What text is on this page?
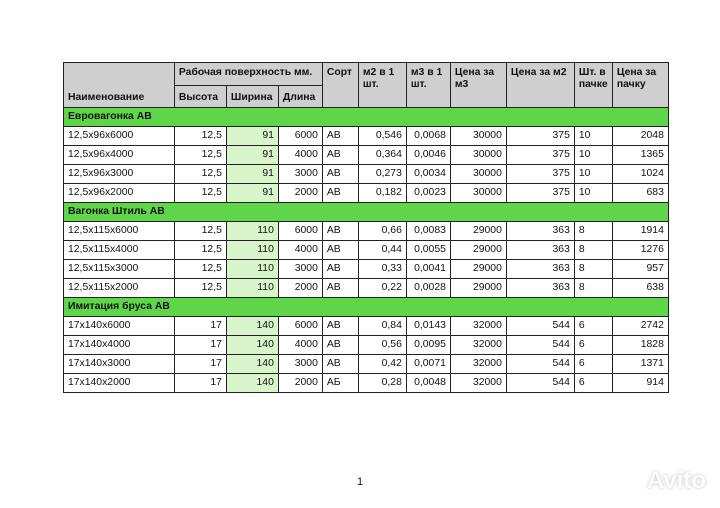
	Рабочая поверхность мм.			Сорт	м2 в 1 шт.	м3 в 1 шт.	Цена за м3	Цена за м2	Шт. в пачке	Цена за пачку
Наименование	Высота	Ширина	Длина							
Евровагонка АВ										
12,5х96х6000	12,5	91	6000	АВ	0,546	0,0068	30000	375	10	2048
12,5х96х4000	12,5	91	4000	АВ	0,364	0,0046	30000	375	10	1365
12,5х96х3000	12,5	91	3000	АВ	0,273	0,0034	30000	375	10	1024
12,5х96х2000	12,5	91	2000	АВ	0,182	0,0023	30000	375	10	683
Вагонка Штиль АВ										
12,5х115х6000	12,5	110	6000	АВ	0,66	0,0083	29000	363	8	1914
12,5х115х4000	12,5	110	4000	АВ	0,44	0,0055	29000	363	8	1276
12,5х115х3000	12,5	110	3000	АВ	0,33	0,0041	29000	363	8	957
12,5х115х2000	12,5	110	2000	АВ	0,22	0,0028	29000	363	8	638
Имитация бруса АВ										
17х140х6000	17	140	6000	АВ	0,84	0,0143	32000	544	6	2742
17х140х4000	17	140	4000	АВ	0,56	0,0095	32000	544	6	1828
17х140х3000	17	140	3000	АВ	0,42	0,0071	32000	544	6	1371
17х140х2000	17	140	2000	АБ	0,28	0,0048	32000	544	6	914
1	Avito
